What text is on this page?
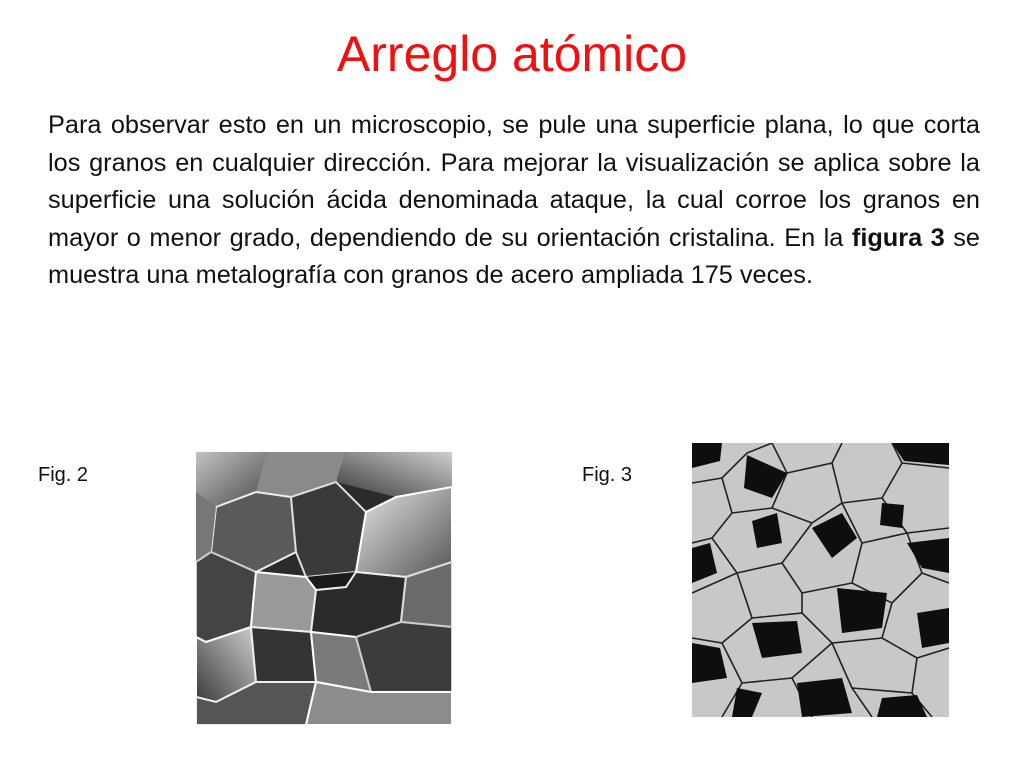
Arreglo atómico

Para observar esto en un microscopio, se pule una superficie plana, lo que corta los granos en cualquier dirección. Para mejorar la visualización se aplica sobre la superficie una solución ácida denominada ataque, la cual corroe los granos en mayor o menor grado, dependiendo de su orientación cristalina. En la figura 3 se muestra una metalografía con granos de acero ampliada 175 veces.

Fig. 2	Fig. 3
